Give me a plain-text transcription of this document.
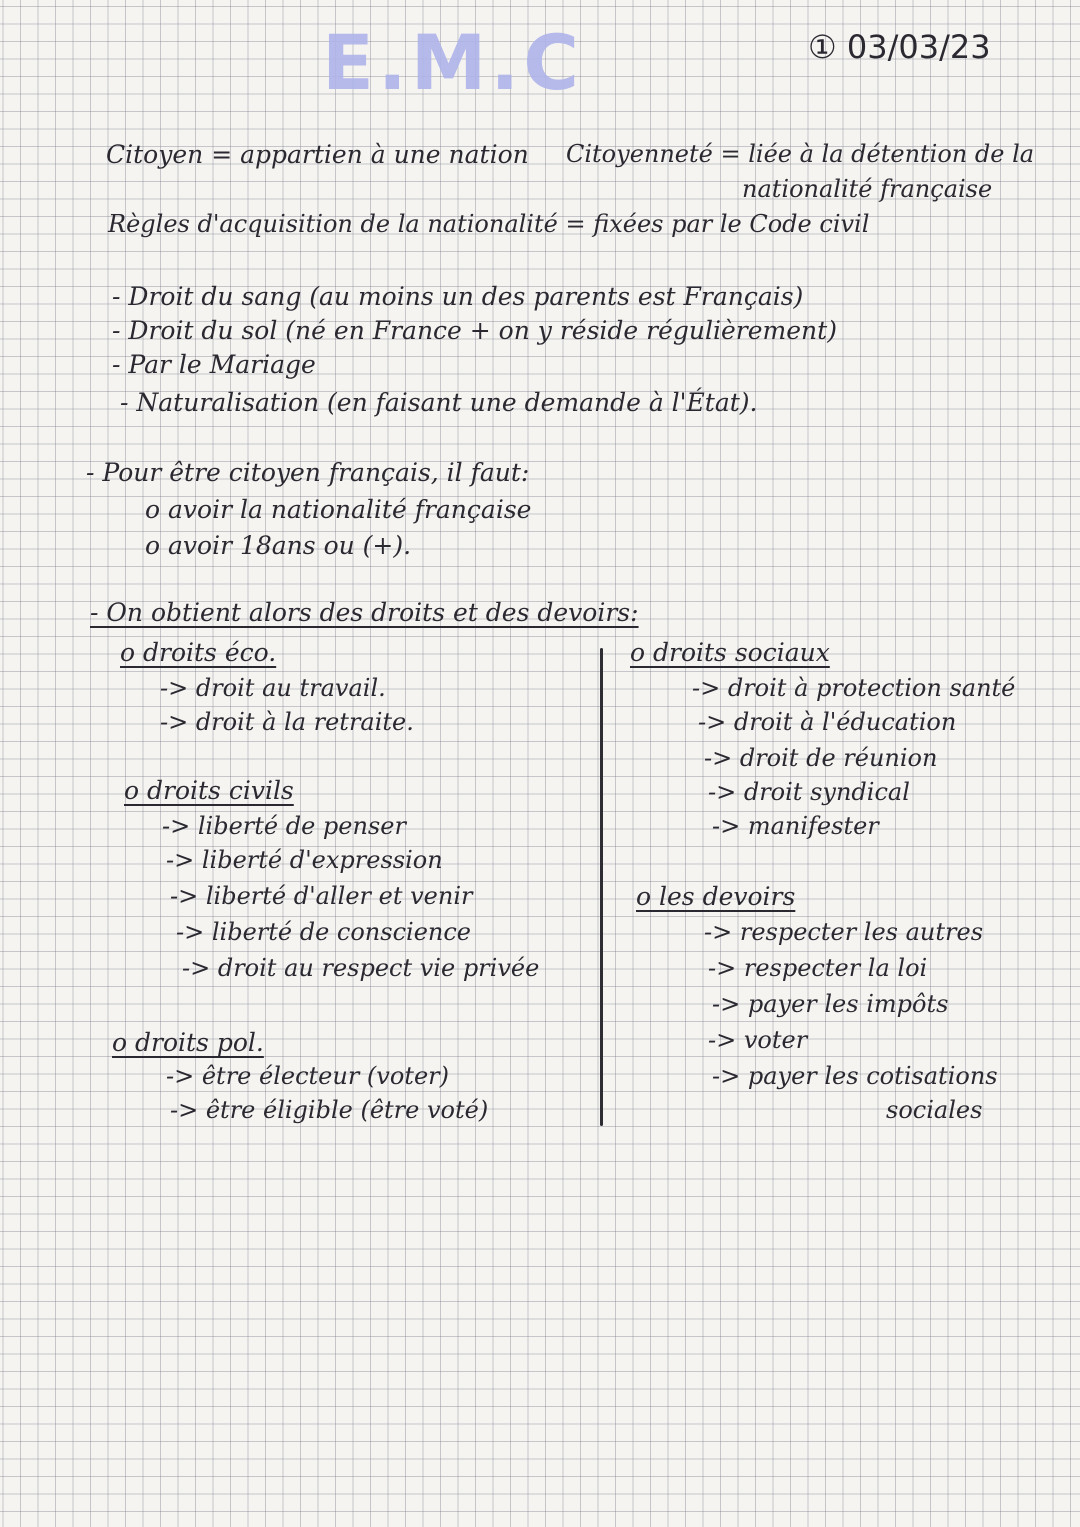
E.M.C	① 03/03/23
Citoyen = appartien à une nation Citoyenneté = liée à la détention de la
nationalité française
Règles d'acquisition de la nationalité = fixées par le Code civil
- Droit du sang (au moins un des parents est Français)
- Droit du sol (né en France + on y réside régulièrement)
- Par le Mariage
- Naturalisation (en faisant une demande à l'État).
- Pour être citoyen français, il faut:
o avoir la nationalité française
o avoir 18ans ou (+).
- On obtient alors des droits et des devoirs:
o droits éco.
-> droit au travail.
-> droit à la retraite.
o droits civils
-> liberté de penser
-> liberté d'expression
-> liberté d'aller et venir
-> liberté de conscience
-> droit au respect vie privée
o droits pol.
-> être électeur (voter)
-> être éligible (être voté)
o droits sociaux
-> droit à protection santé
-> droit à l'éducation
-> droit de réunion
-> droit syndical
-> manifester
o les devoirs
-> respecter les autres
-> respecter la loi
-> payer les impôts
-> voter
-> payer les cotisations
sociales
